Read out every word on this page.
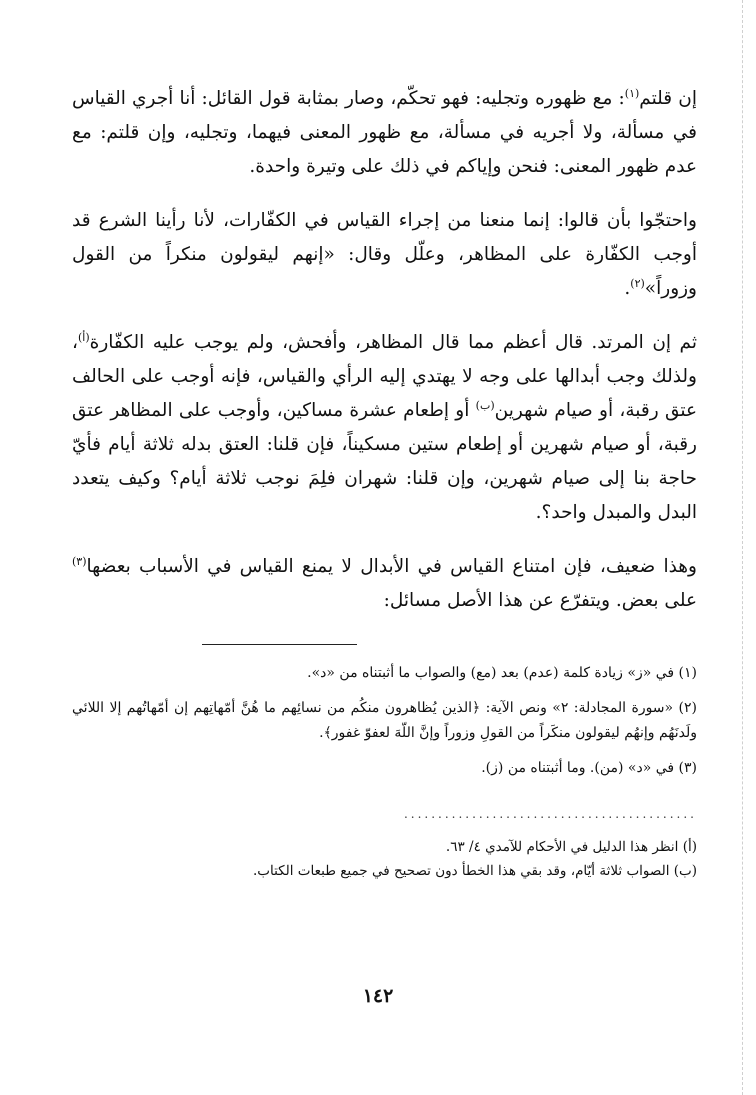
إن قلتم$^{(١)}$: مع ظهوره وتجليه: فهو تحكّم، وصار بمثابة قول القائل: أنا أجري القياس في مسألة، ولا أجريه في مسألة، مع ظهور المعنى فيهما، وتجليه، وإن قلتم: مع عدم ظهور المعنى: فنحن وإياكم في ذلك على وتيرة واحدة.

واحتجّوا بأن قالوا: إنما منعنا من إجراء القياس في الكفّارات، لأنا رأينا الشرع قد أوجب الكفّارة على المظاهر، وعلّل وقال: «إنهم ليقولون منكراً من القول وزوراً»$^{(٢)}$.

ثم إن المرتد. قال أعظم مما قال المظاهر، وأفحش، ولم يوجب عليه الكفّارة$^{(أ)}$، ولذلك وجب أبدالها على وجه لا يهتدي إليه الرأي والقياس، فإنه أوجب على الحالف عتق رقبة، أو صيام شهرين$^{(ب)}$ أو إطعام عشرة مساكين، وأوجب على المظاهر عتق رقبة، أو صيام شهرين أو إطعام ستين مسكيناً، فإن قلنا: العتق بدله ثلاثة أيام فأيّ حاجة بنا إلى صيام شهرين، وإن قلنا: شهران فلِمَ نوجب ثلاثة أيام؟ وكيف يتعدد البدل والمبدل واحد؟.

وهذا ضعيف، فإن امتناع القياس في الأبدال لا يمنع القياس في الأسباب بعضها$^{(٣)}$ على بعض. ويتفرّع عن هذا الأصل مسائل:

(١) في «ز» زيادة كلمة (عدم) بعد (مع) والصواب ما أثبتناه من «د».
(٢) «سورة المجادلة: ٢» ونص الآية: ﴿الذين يُظاهرون منكُم من نسائِهم ما هُنَّ أمّهاتِهم إن أمّهاتُهم إلا اللائي ولَدنَهُم وإنهُم ليقولون منكَراً من القولِ وزوراً وإنَّ اللّهَ لعفوّ غفور﴾.
(٣) في «د» (من). وما أثبتناه من (ز).
...........................................

(أ) انظر هذا الدليل في الأحكام للآمدي ٤/ ٦٣.

(ب) الصواب ثلاثة أيّام، وقد بقي هذا الخطأ دون تصحيح في جميع طبعات الكتاب.

١٤٢
